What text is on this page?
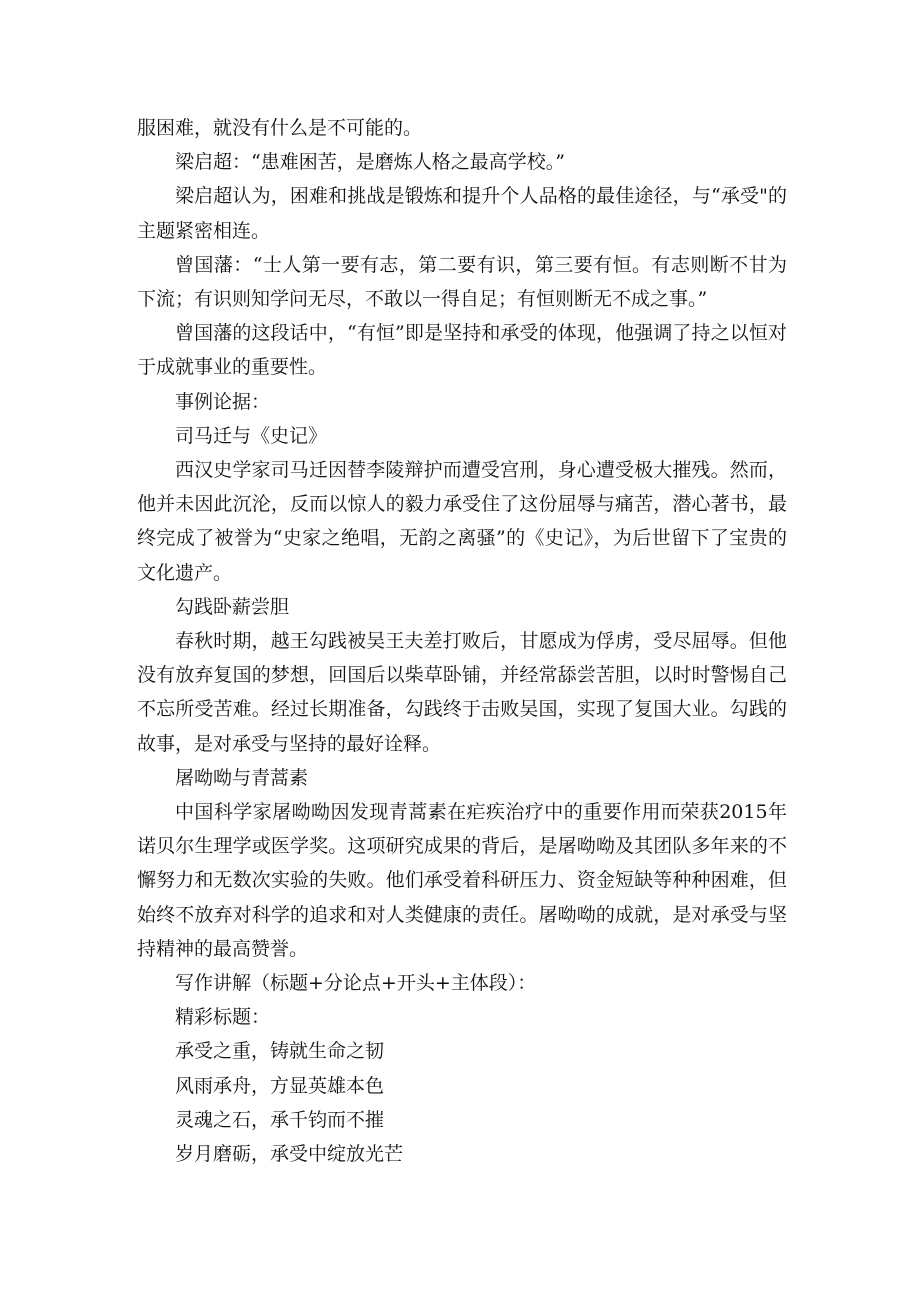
服困难，就没有什么是不可能的。

梁启超：“患难困苦，是磨炼人格之最高学校。”

梁启超认为，困难和挑战是锻炼和提升个人品格的最佳途径，与“承受"的主题紧密相连。

曾国藩：“士人第一要有志，第二要有识，第三要有恒。有志则断不甘为下流；有识则知学问无尽，不敢以一得自足；有恒则断无不成之事。”

曾国藩的这段话中，“有恒”即是坚持和承受的体现，他强调了持之以恒对于成就事业的重要性。

事例论据：

司马迁与《史记》

西汉史学家司马迁因替李陵辩护而遭受宫刑，身心遭受极大摧残。然而，他并未因此沉沦，反而以惊人的毅力承受住了这份屈辱与痛苦，潜心著书，最终完成了被誉为“史家之绝唱，无韵之离骚”的《史记》，为后世留下了宝贵的文化遗产。

勾践卧薪尝胆

春秋时期，越王勾践被吴王夫差打败后，甘愿成为俘虏，受尽屈辱。但他没有放弃复国的梦想，回国后以柴草卧铺，并经常舔尝苦胆，以时时警惕自己不忘所受苦难。经过长期准备，勾践终于击败吴国，实现了复国大业。勾践的故事，是对承受与坚持的最好诠释。

屠呦呦与青蒿素

中国科学家屠呦呦因发现青蒿素在疟疾治疗中的重要作用而荣获2015年诺贝尔生理学或医学奖。这项研究成果的背后，是屠呦呦及其团队多年来的不懈努力和无数次实验的失败。他们承受着科研压力、资金短缺等种种困难，但始终不放弃对科学的追求和对人类健康的责任。屠呦呦的成就，是对承受与坚持精神的最高赞誉。

写作讲解（标题+分论点+开头+主体段）：

精彩标题：

承受之重，铸就生命之韧

风雨承舟，方显英雄本色

灵魂之石，承千钧而不摧

岁月磨砺，承受中绽放光芒
